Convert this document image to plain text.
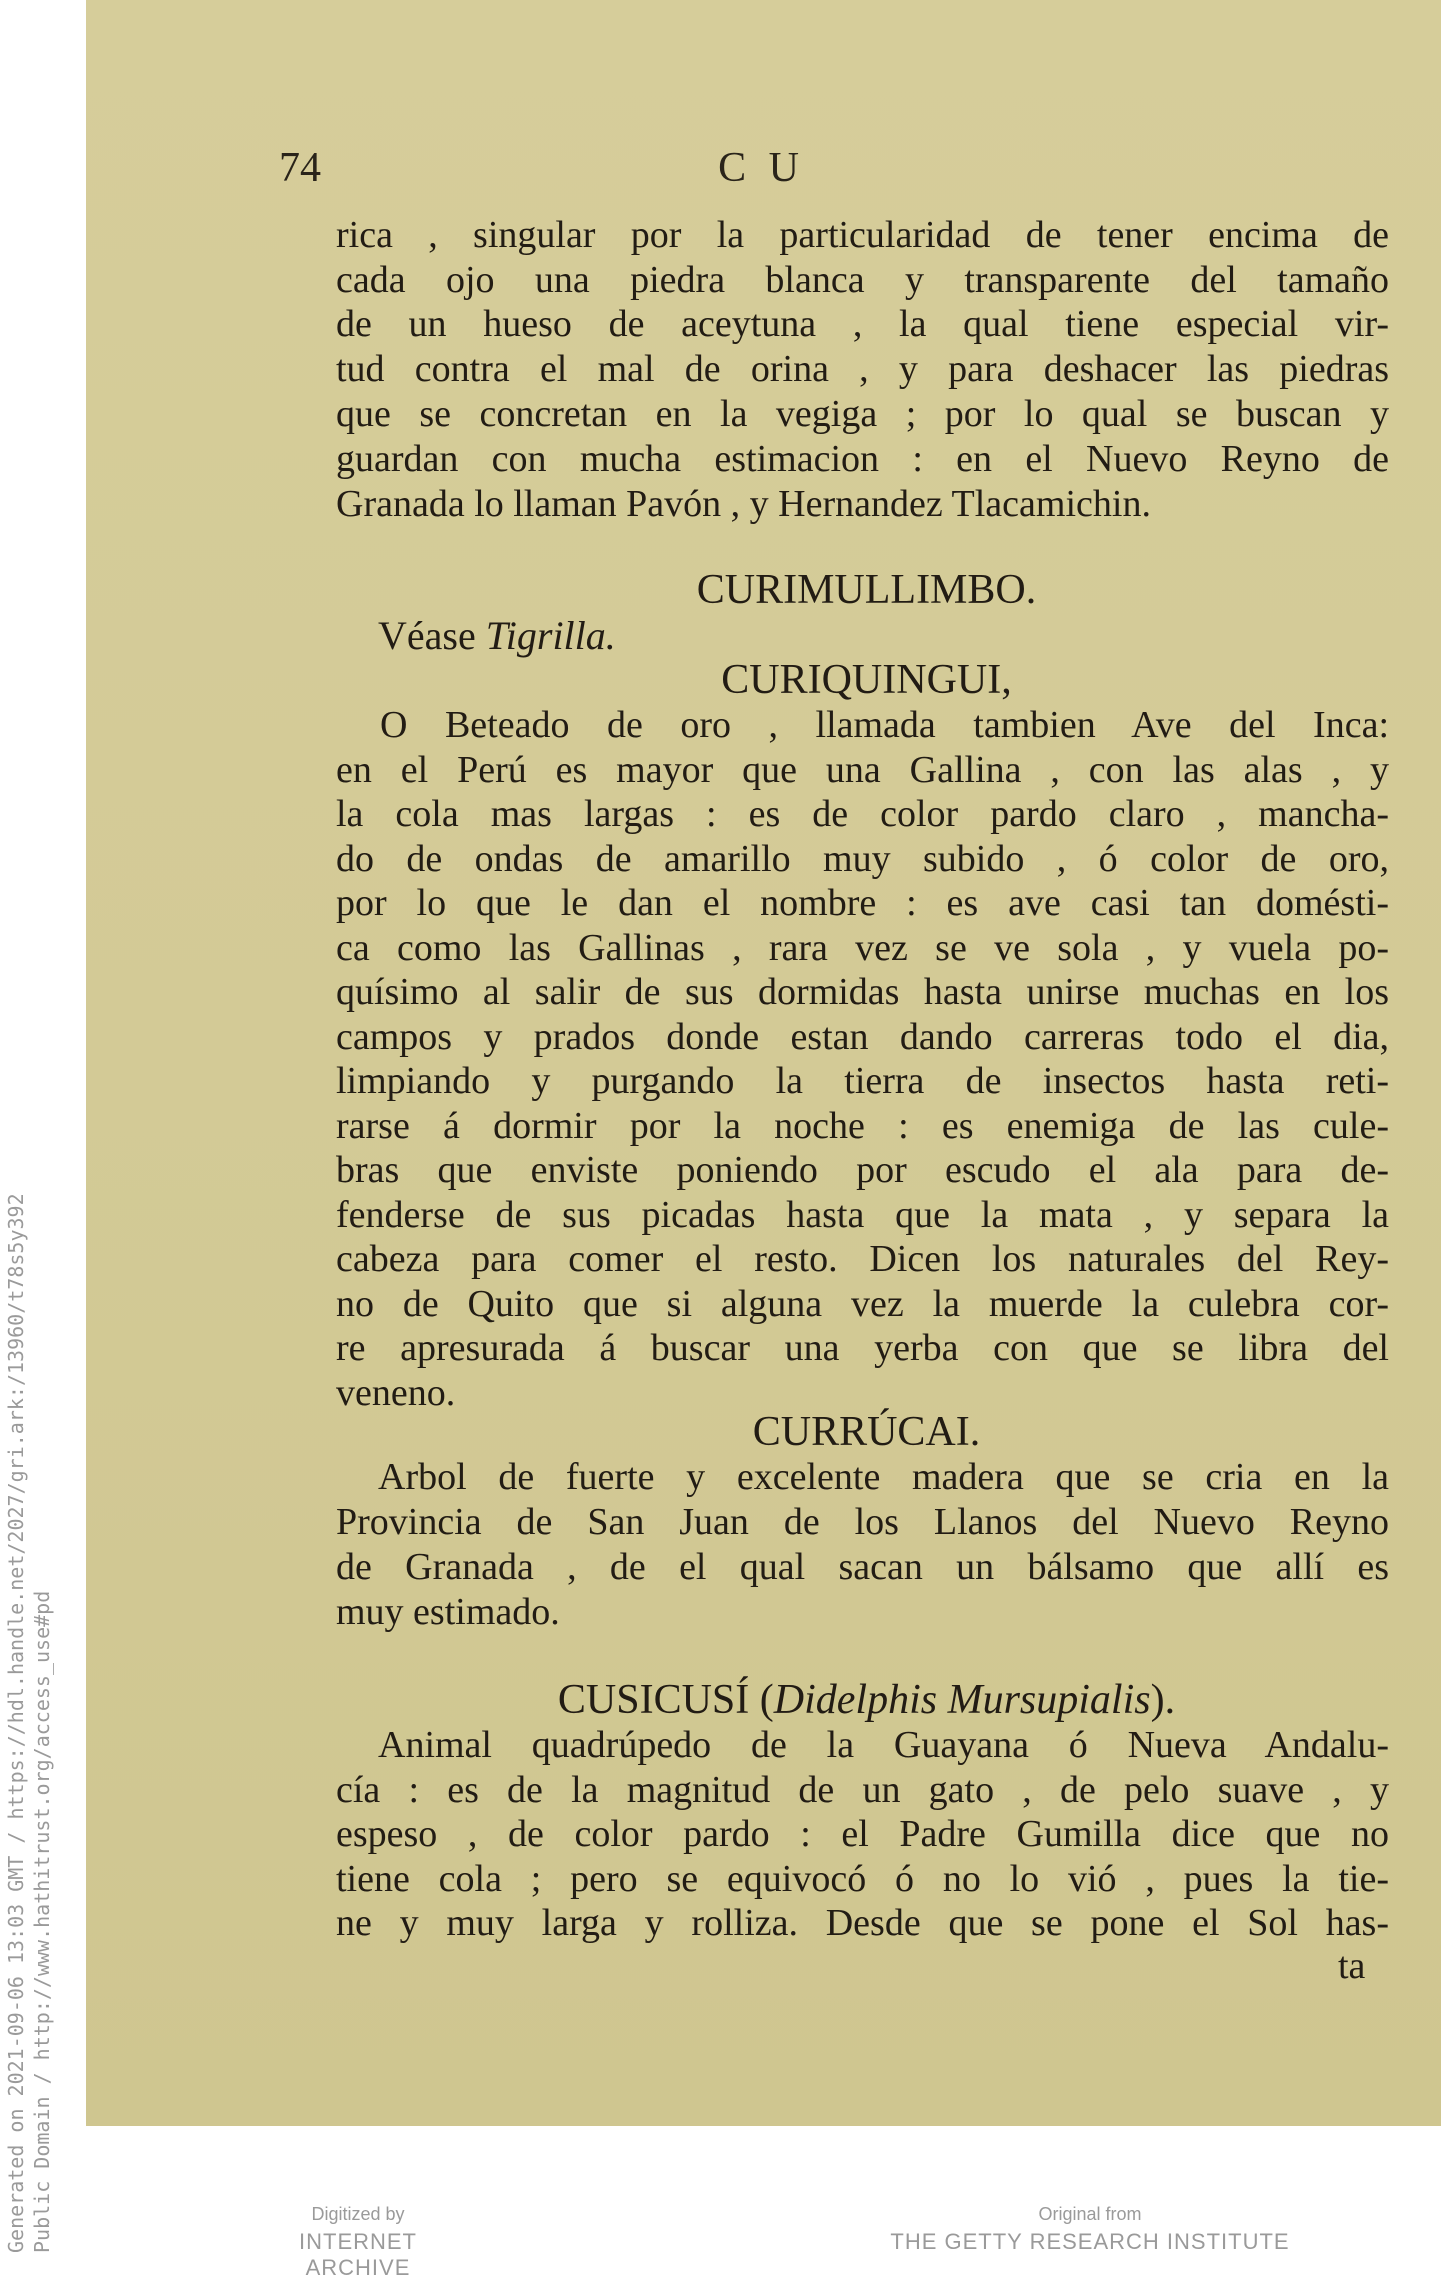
Generated on 2021-09-06 13:03 GMT / https://hdl.handle.net/2027/gri.ark:/13960/t78s5y392 Public Domain / http://www.hathitrust.org/access_use#pd
74	C U
rica , singular por la particularidad de tener encima de
cada ojo una piedra blanca y transparente del tamaño
de un hueso de aceytuna , la qual tiene especial vir-
tud contra el mal de orina , y para deshacer las piedras
que se concretan en la vegiga ; por lo qual se buscan y
guardan con mucha estimacion : en el Nuevo Reyno de
Granada lo llaman Pavón , y Hernandez Tlacamichin.
CURIMULLIMBO.
Véase Tigrilla.
CURIQUINGUI,
O Beteado de oro , llamada tambien Ave del Inca:
en el Perú es mayor que una Gallina , con las alas , y
la cola mas largas : es de color pardo claro , mancha-
do de ondas de amarillo muy subido , ó color de oro,
por lo que le dan el nombre : es ave casi tan domésti-
ca como las Gallinas , rara vez se ve sola , y vuela po-
quísimo al salir de sus dormidas hasta unirse muchas en los
campos y prados donde estan dando carreras todo el dia,
limpiando y purgando la tierra de insectos hasta reti-
rarse á dormir por la noche : es enemiga de las cule-
bras que enviste poniendo por escudo el ala para de-
fenderse de sus picadas hasta que la mata , y separa la
cabeza para comer el resto. Dicen los naturales del Rey-
no de Quito que si alguna vez la muerde la culebra cor-
re apresurada á buscar una yerba con que se libra del
veneno.
CURRÚCAI.
Arbol de fuerte y excelente madera que se cria en la
Provincia de San Juan de los Llanos del Nuevo Reyno
de Granada , de el qual sacan un bálsamo que allí es
muy estimado.
CUSICUSÍ (Didelphis Mursupialis).
Animal quadrúpedo de la Guayana ó Nueva Andalu-
cía : es de la magnitud de un gato , de pelo suave , y
espeso , de color pardo : el Padre Gumilla dice que no
tiene cola ; pero se equivocó ó no lo vió , pues la tie-
ne y muy larga y rolliza. Desde que se pone el Sol has-
ta
Digitized by
INTERNET ARCHIVE
Original from
THE GETTY RESEARCH INSTITUTE
